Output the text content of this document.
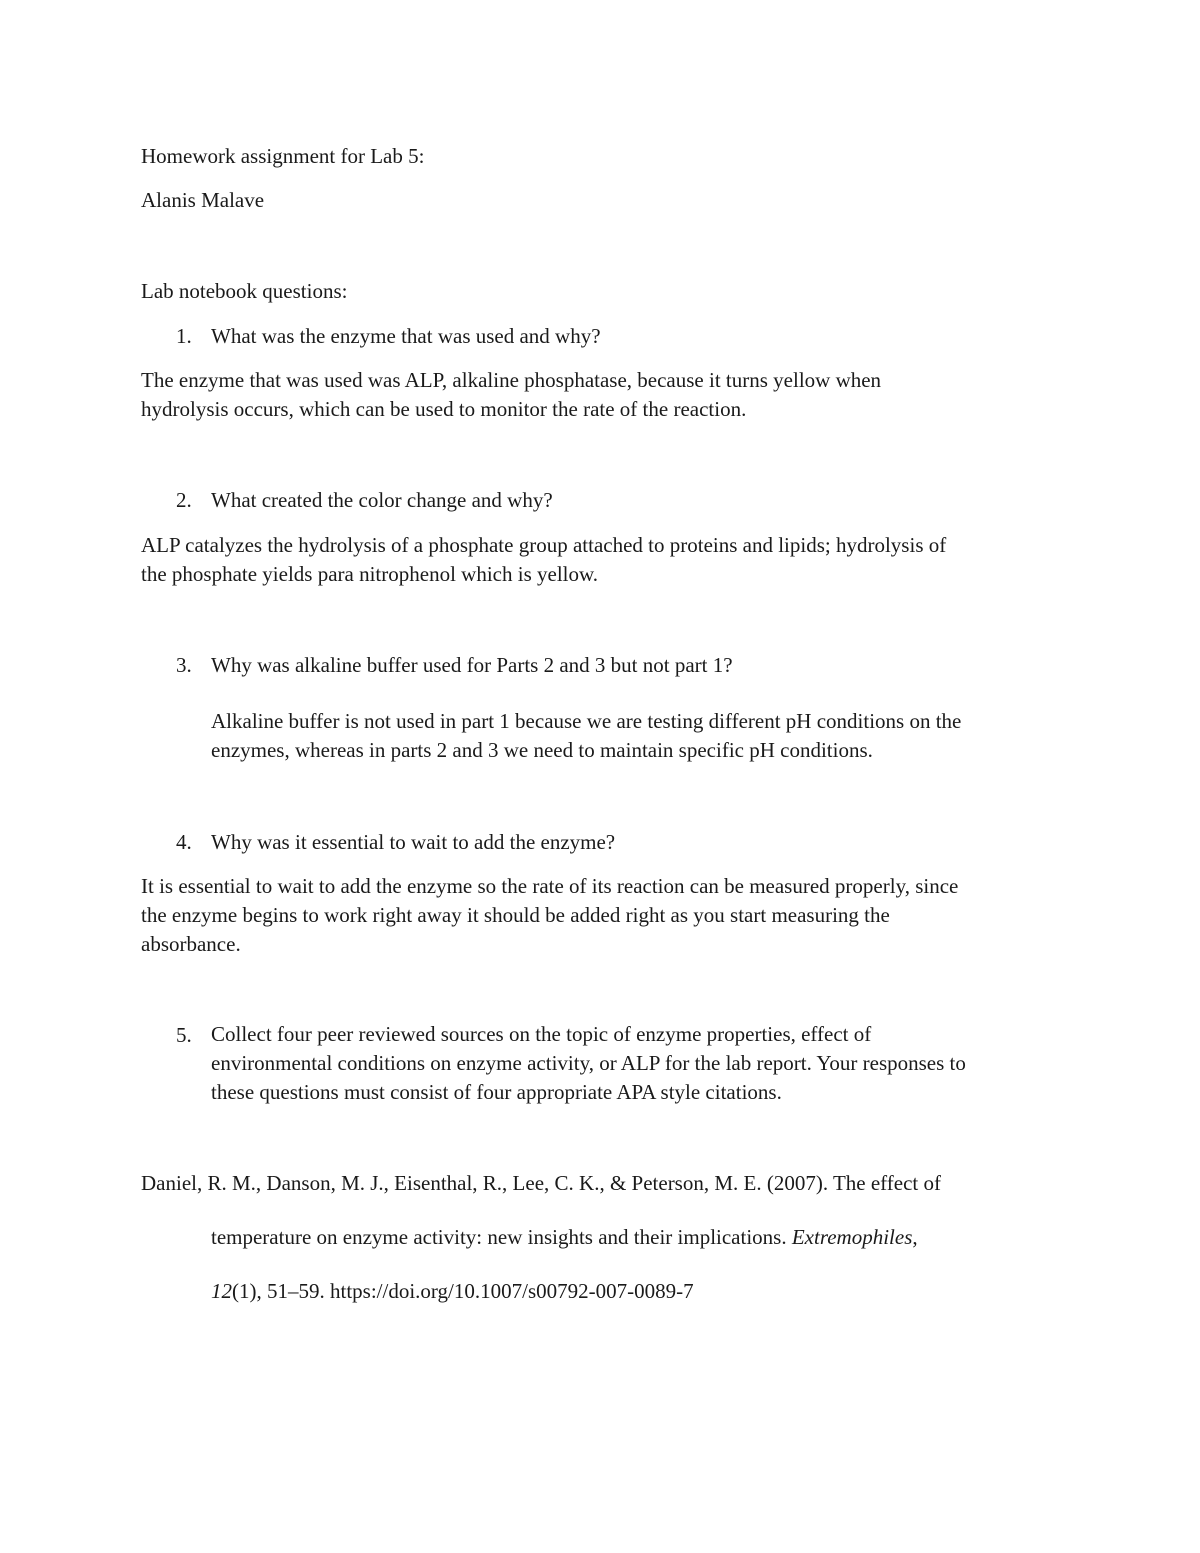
Homework assignment for Lab 5:
Alanis Malave
Lab notebook questions:
1. What was the enzyme that was used and why?
The enzyme that was used was ALP, alkaline phosphatase, because it turns yellow when
hydrolysis occurs, which can be used to monitor the rate of the reaction.
2. What created the color change and why?
ALP catalyzes the hydrolysis of a phosphate group attached to proteins and lipids; hydrolysis of
the phosphate yields para nitrophenol which is yellow.
3. Why was alkaline buffer used for Parts 2 and 3 but not part 1?
Alkaline buffer is not used in part 1 because we are testing different pH conditions on the
enzymes, whereas in parts 2 and 3 we need to maintain specific pH conditions.
4. Why was it essential to wait to add the enzyme?
It is essential to wait to add the enzyme so the rate of its reaction can be measured properly, since
the enzyme begins to work right away it should be added right as you start measuring the
absorbance.
5. Collect four peer reviewed sources on the topic of enzyme properties, effect of
environmental conditions on enzyme activity, or ALP for the lab report. Your responses to
these questions must consist of four appropriate APA style citations.
Daniel, R. M., Danson, M. J., Eisenthal, R., Lee, C. K., & Peterson, M. E. (2007). The effect of
temperature on enzyme activity: new insights and their implications. Extremophiles,
12(1), 51–59. https://doi.org/10.1007/s00792-007-0089-7
